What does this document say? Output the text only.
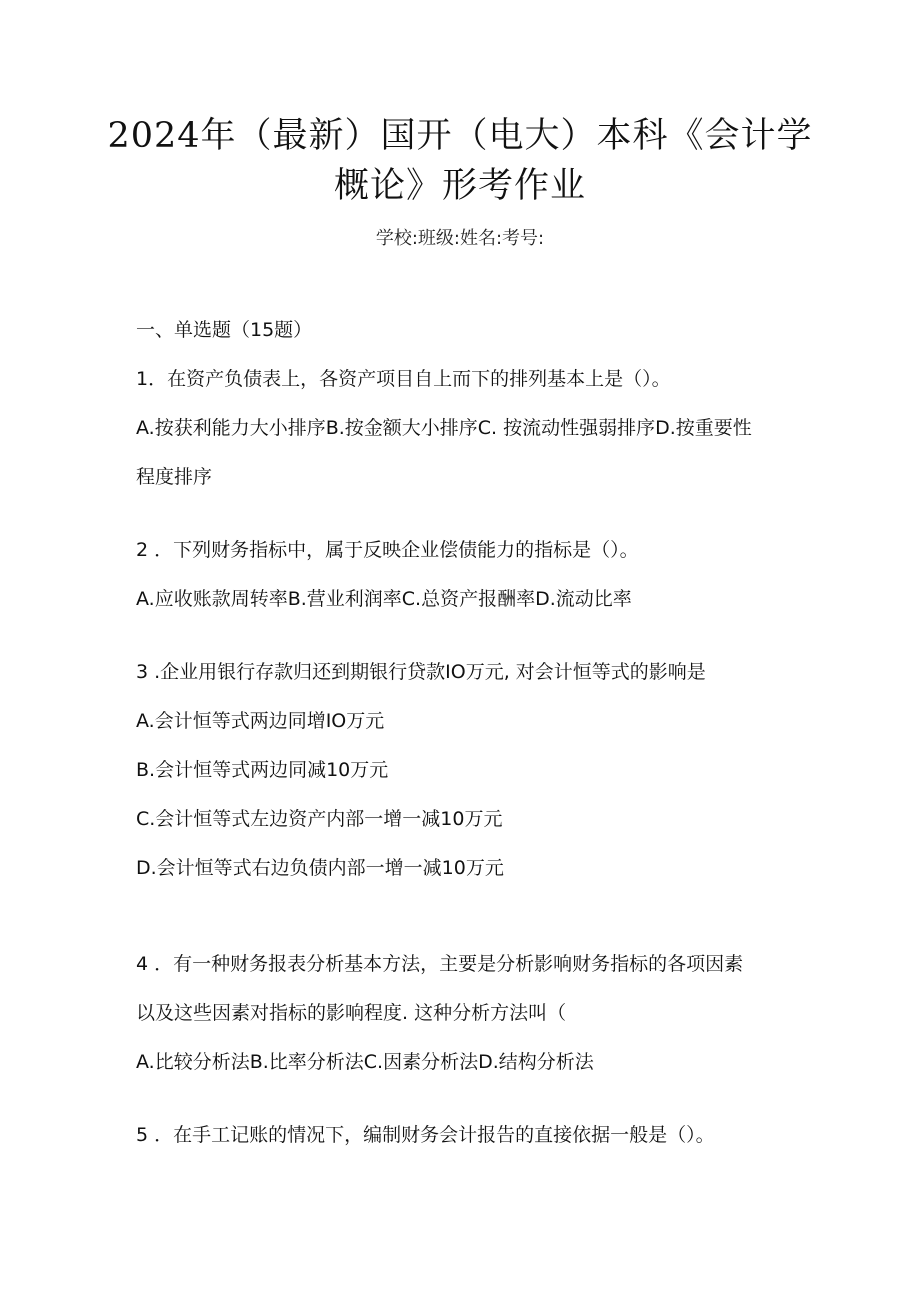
2024年（最新）国开（电大）本科《会计学
概论》形考作业
学校:班级:姓名:考号:
一、单选题（15题）
1．在资产负债表上，各资产项目自上而下的排列基本上是（）。
A.按获利能力大小排序B.按金额大小排序C. 按流动性强弱排序D.按重要性
程度排序
2 ．下列财务指标中，属于反映企业偿债能力的指标是（）。
A.应收账款周转率B.营业利润率C.总资产报酬率D.流动比率
3 .企业用银行存款归还到期银行贷款IO万元, 对会计恒等式的影响是
A.会计恒等式两边同增IO万元
B.会计恒等式两边同减10万元
C.会计恒等式左边资产内部一增一减10万元
D.会计恒等式右边负债内部一增一减10万元
4 ．有一种财务报表分析基本方法，主要是分析影响财务指标的各项因素
以及这些因素对指标的影响程度. 这种分析方法叫（
A.比较分析法B.比率分析法C.因素分析法D.结构分析法
5 ．在手工记账的情况下，编制财务会计报告的直接依据一般是（）。
